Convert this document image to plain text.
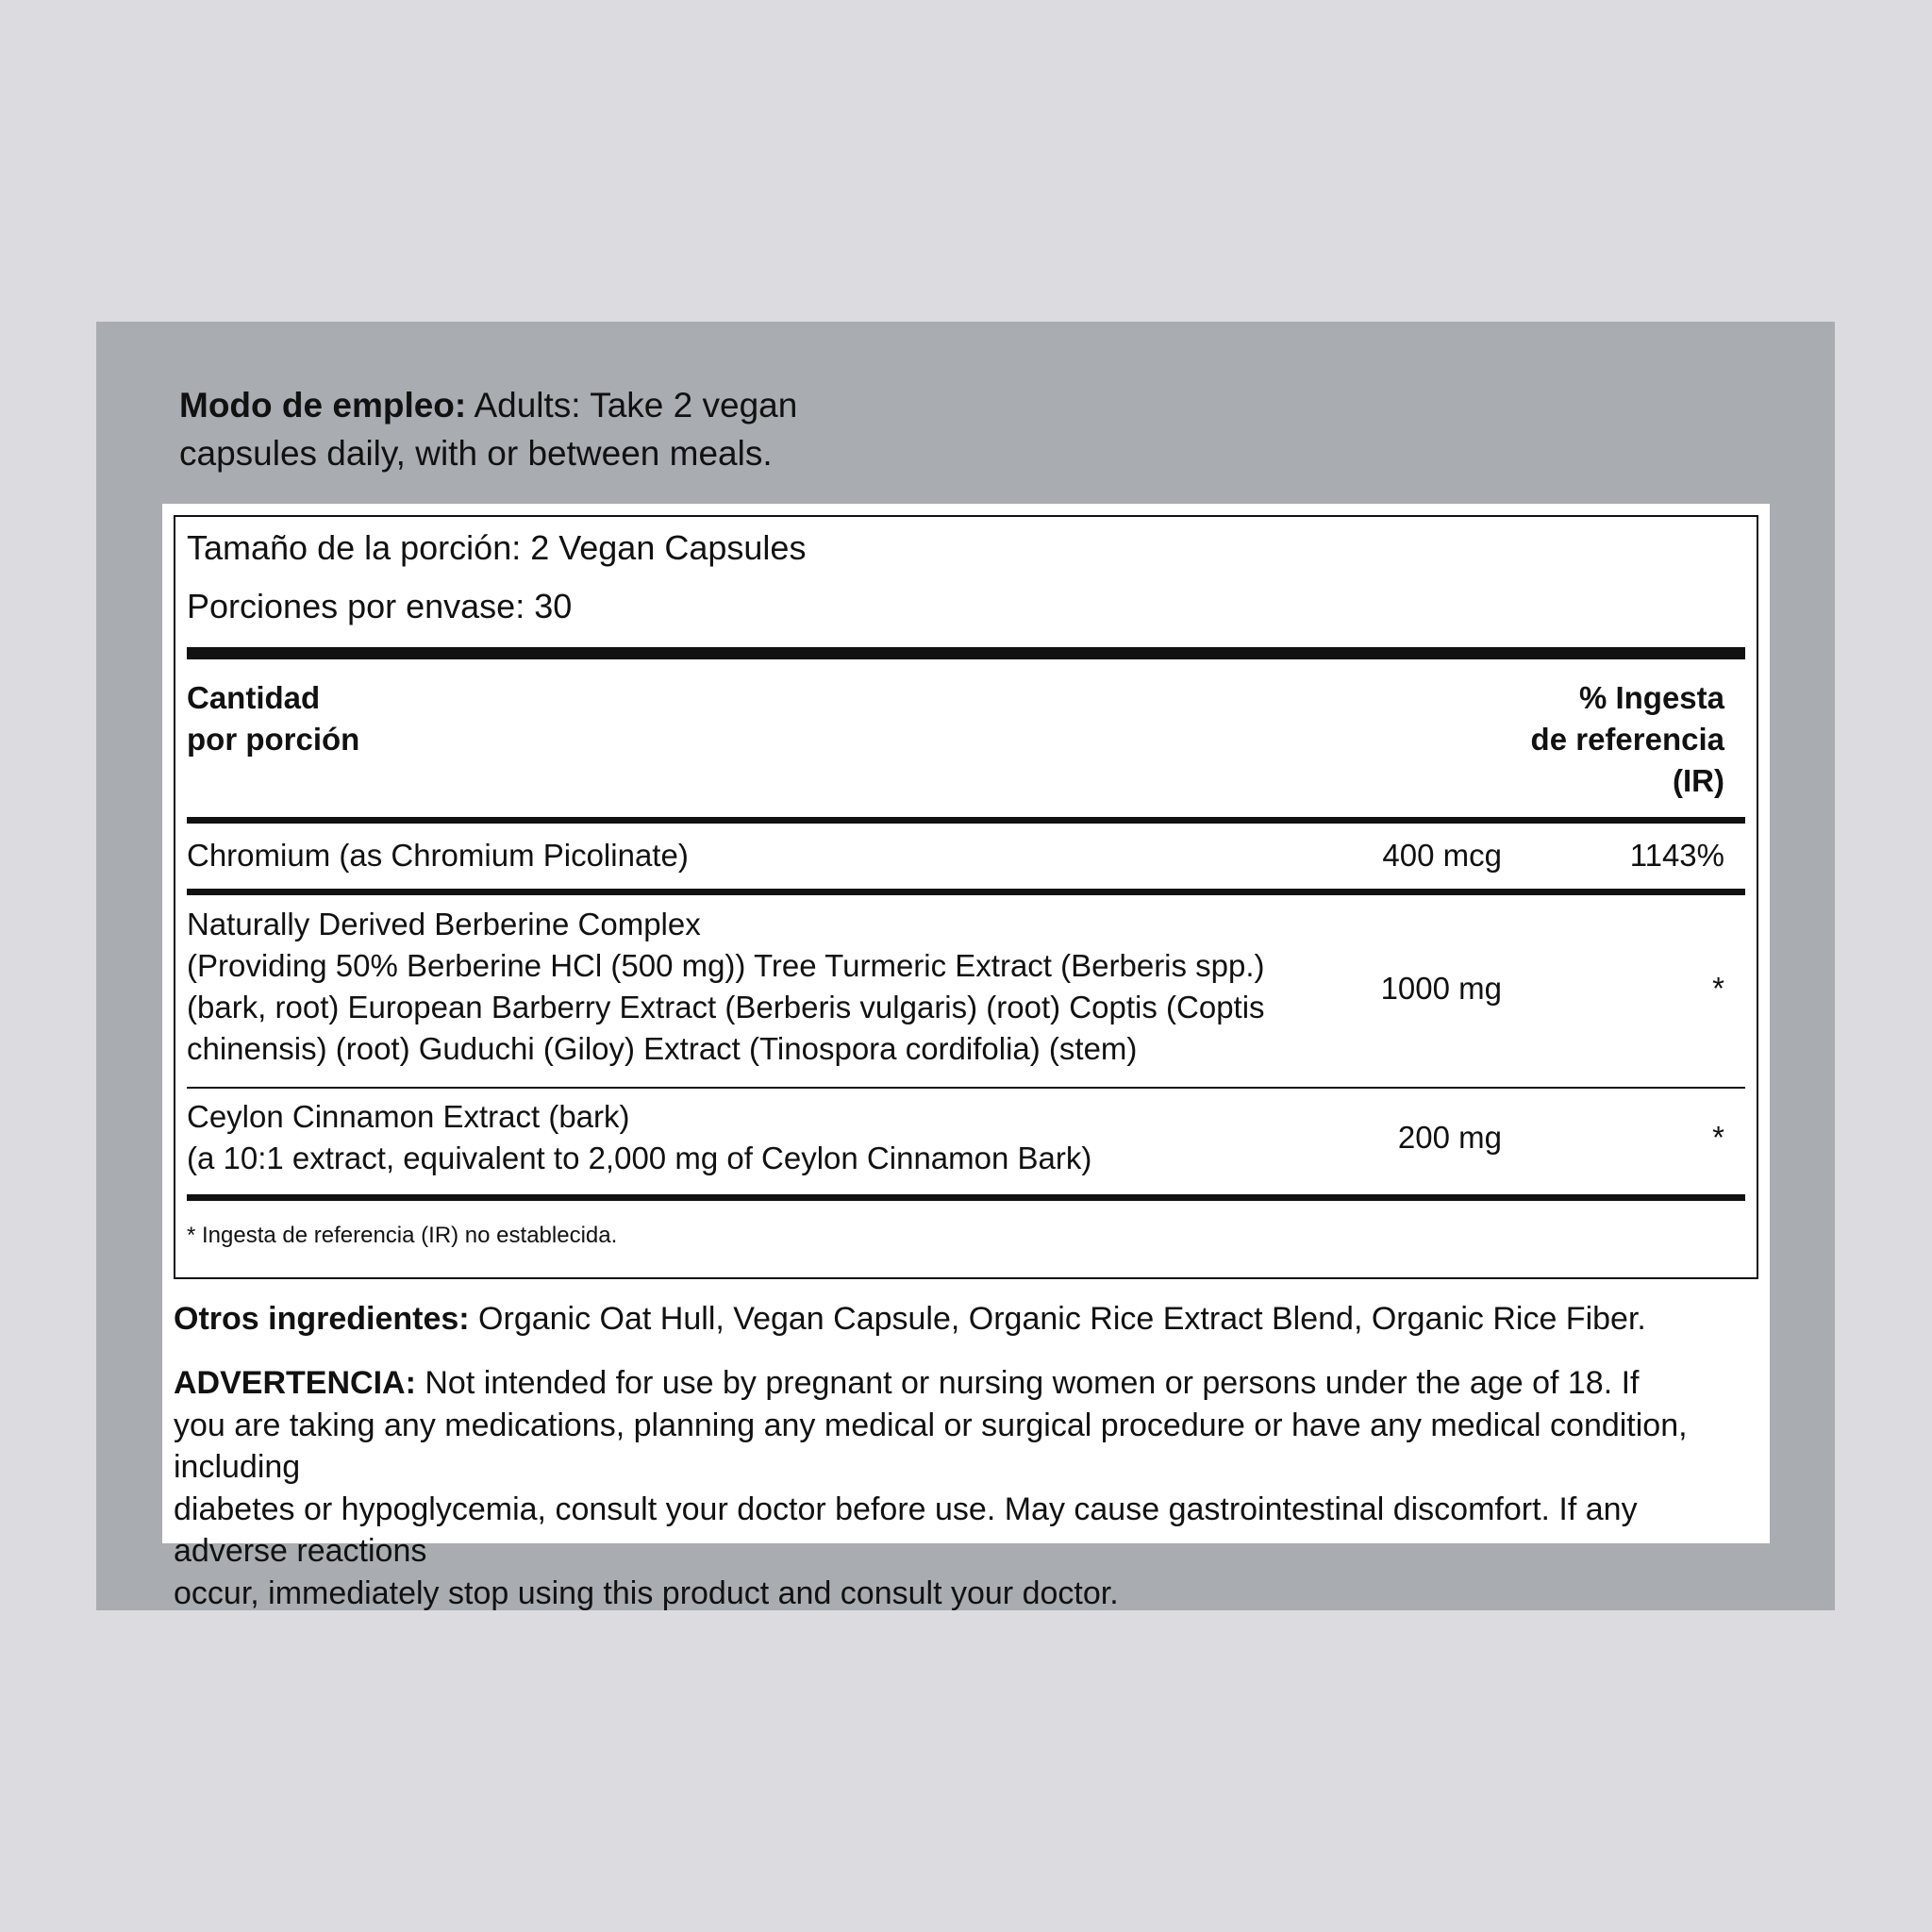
Modo de empleo: Adults: Take 2 vegan
capsules daily, with or between meals.
Tamaño de la porción: 2 Vegan Capsules
Porciones por envase: 30
Cantidad
por porción
% Ingesta
de referencia
(IR)
Chromium (as Chromium Picolinate)	400 mcg	1143%
Naturally Derived Berberine Complex
(Providing 50% Berberine HCl (500 mg)) Tree Turmeric Extract (Berberis spp.)
(bark, root) European Barberry Extract (Berberis vulgaris) (root) Coptis (Coptis
chinensis) (root) Guduchi (Giloy) Extract (Tinospora cordifolia) (stem)
1000 mg	*
Ceylon Cinnamon Extract (bark)
(a 10:1 extract, equivalent to 2,000 mg of Ceylon Cinnamon Bark)
200 mg	*
* Ingesta de referencia (IR) no establecida.
Otros ingredientes: Organic Oat Hull, Vegan Capsule, Organic Rice Extract Blend, Organic Rice Fiber.
ADVERTENCIA: Not intended for use by pregnant or nursing women or persons under the age of 18. If
you are taking any medications, planning any medical or surgical procedure or have any medical condition, including
diabetes or hypoglycemia, consult your doctor before use. May cause gastrointestinal discomfort. If any adverse reactions
occur, immediately stop using this product and consult your doctor.
